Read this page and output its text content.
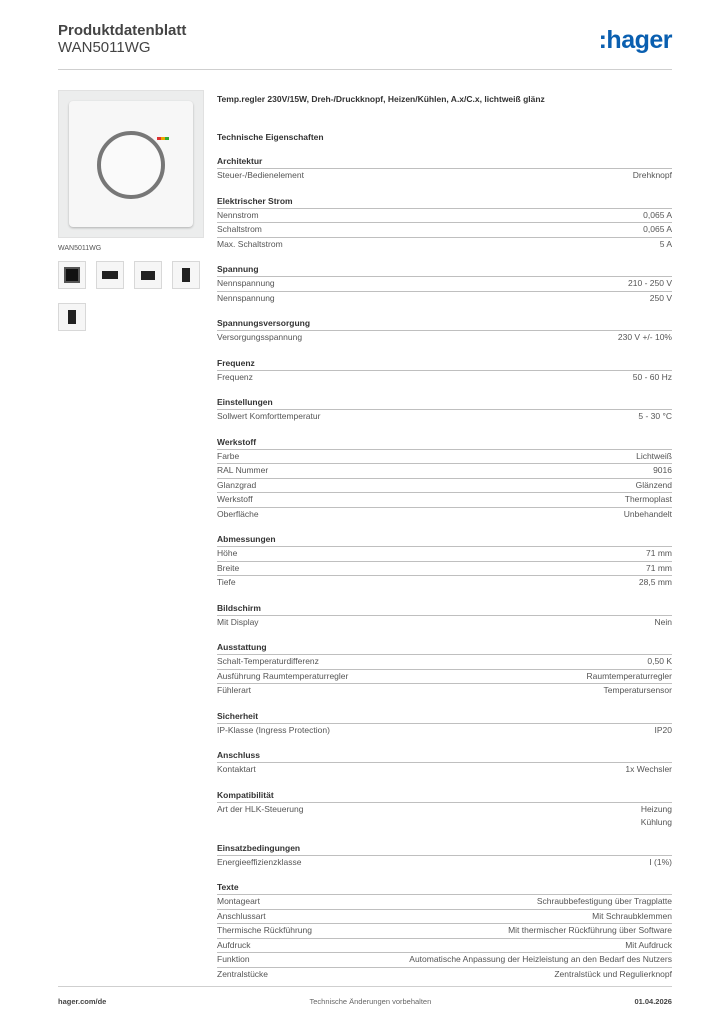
Produktdatenblatt
WAN5011WG	:hager
WAN5011WG
Temp.regler 230V/15W, Dreh-/Druckknopf, Heizen/Kühlen, A.x/C.x, lichtweiß glänz
Technische Eigenschaften
Architektur
Steuer-/Bedienelement	Drehknopf
Elektrischer Strom
Nennstrom	0,065 A
Schaltstrom	0,065 A
Max. Schaltstrom	5 A
Spannung
Nennspannung	210 - 250 V
Nennspannung	250 V
Spannungsversorgung
Versorgungsspannung	230 V +/- 10%
Frequenz
Frequenz	50 - 60 Hz
Einstellungen
Sollwert Komforttemperatur	5 - 30 °C
Werkstoff
Farbe	Lichtweiß
RAL Nummer	9016
Glanzgrad	Glänzend
Werkstoff	Thermoplast
Oberfläche	Unbehandelt
Abmessungen
Höhe	71 mm
Breite	71 mm
Tiefe	28,5 mm
Bildschirm
Mit Display	Nein
Ausstattung
Schalt-Temperaturdifferenz	0,50 K
Ausführung Raumtemperaturregler	Raumtemperaturregler
Fühlerart	Temperatursensor
Sicherheit
IP-Klasse (Ingress Protection)	IP20
Anschluss
Kontaktart	1x Wechsler
Kompatibilität
Art der HLK-Steuerung	Heizung
Kühlung
Einsatzbedingungen
Energieeffizienzklasse	I (1%)
Texte
Montageart	Schraubbefestigung über Tragplatte
Anschlussart	Mit Schraubklemmen
Thermische Rückführung	Mit thermischer Rückführung über Software
Aufdruck	Mit Aufdruck
Funktion	Automatische Anpassung der Heizleistung an den Bedarf des Nutzers
Zentralstücke	Zentralstück und Regulierknopf
hager.com/de	Technische Änderungen vorbehalten	01.04.2026
